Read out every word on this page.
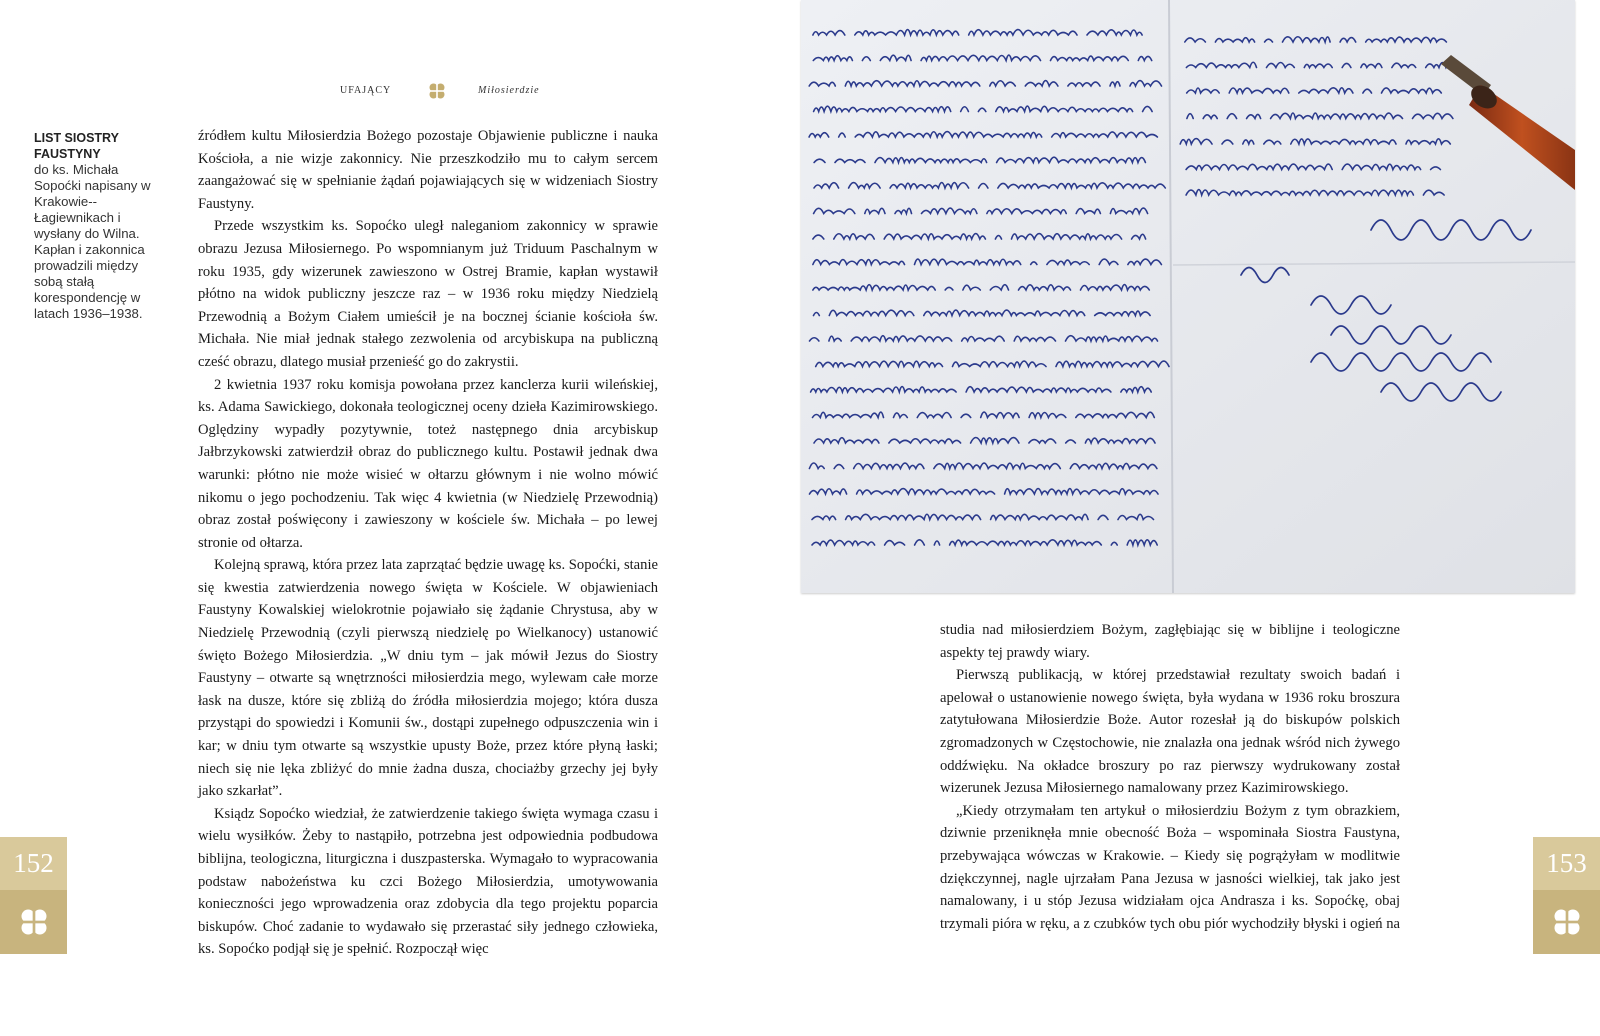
UFAJĄCY	Miłosierdzie
LIST SIOSTRY FAUSTYNY
do ks. Michała Sopoćki napisany w Krakowie--Łagiewnikach i wysłany do Wilna. Kapłan i zakonnica prowadzili między sobą stałą korespondencję w latach 1936–1938.

źródłem kultu Miłosierdzia Bożego pozostaje Objawienie publiczne i nauka Kościoła, a nie wizje zakonnicy. Nie przeszkodziło mu to całym sercem zaangażować się w spełnianie żądań pojawiających się w widzeniach Siostry Faustyny.

Przede wszystkim ks. Sopoćko uległ naleganiom zakonnicy w sprawie obrazu Jezusa Miłosiernego. Po wspomnianym już Triduum Paschalnym w roku 1935, gdy wizerunek zawieszono w Ostrej Bramie, kapłan wystawił płótno na widok publiczny jeszcze raz – w 1936 roku między Niedzielą Przewodnią a Bożym Ciałem umieścił je na bocznej ścianie kościoła św. Michała. Nie miał jednak stałego zezwolenia od arcybiskupa na publiczną cześć obrazu, dlatego musiał przenieść go do zakrystii.

2 kwietnia 1937 roku komisja powołana przez kanclerza kurii wileńskiej, ks. Adama Sawickiego, dokonała teologicznej oceny dzieła Kazimirowskiego. Oględziny wypadły pozytywnie, toteż następnego dnia arcybiskup Jałbrzykowski zatwierdził obraz do publicznego kultu. Postawił jednak dwa warunki: płótno nie może wisieć w ołtarzu głównym i nie wolno mówić nikomu o jego pochodzeniu. Tak więc 4 kwietnia (w Niedzielę Przewodnią) obraz został poświęcony i zawieszony w kościele św. Michała – po lewej stronie od ołtarza.

Kolejną sprawą, która przez lata zaprzątać będzie uwagę ks. Sopoćki, stanie się kwestia zatwierdzenia nowego święta w Kościele. W objawieniach Faustyny Kowalskiej wielokrotnie pojawiało się żądanie Chrystusa, aby w Niedzielę Przewodnią (czyli pierwszą niedzielę po Wielkanocy) ustanowić święto Bożego Miłosierdzia. „W dniu tym – jak mówił Jezus do Siostry Faustyny – otwarte są wnętrzności miłosierdzia mego, wylewam całe morze łask na dusze, które się zbliżą do źródła miłosierdzia mojego; która dusza przystąpi do spowiedzi i Komunii św., dostąpi zupełnego odpuszczenia win i kar; w dniu tym otwarte są wszystkie upusty Boże, przez które płyną łaski; niech się nie lęka zbliżyć do mnie żadna dusza, chociażby grzechy jej były jako szkarłat”.

Ksiądz Sopoćko wiedział, że zatwierdzenie takiego święta wymaga czasu i wielu wysiłków. Żeby to nastąpiło, potrzebna jest odpowiednia podbudowa biblijna, teologiczna, liturgiczna i duszpasterska. Wymagało to wypracowania podstaw nabożeństwa ku czci Bożego Miłosierdzia, umotywowania konieczności jego wprowadzenia oraz zdobycia dla tego projektu poparcia biskupów. Choć zadanie to wydawało się przerastać siły jednego człowieka, ks. Sopoćko podjął się je spełnić. Rozpoczął więc

152	153

studia nad miłosierdziem Bożym, zagłębiając się w biblijne i teologiczne aspekty tej prawdy wiary.

Pierwszą publikacją, w której przedstawiał rezultaty swoich badań i apelował o ustanowienie nowego święta, była wydana w 1936 roku broszura zatytułowana Miłosierdzie Boże. Autor rozesłał ją do biskupów polskich zgromadzonych w Częstochowie, nie znalazła ona jednak wśród nich żywego oddźwięku. Na okładce broszury po raz pierwszy wydrukowany został wizerunek Jezusa Miłosiernego namalowany przez Kazimirowskiego.

„Kiedy otrzymałam ten artykuł o miłosierdziu Bożym z tym obrazkiem, dziwnie przeniknęła mnie obecność Boża – wspominała Siostra Faustyna, przebywająca wówczas w Krakowie. – Kiedy się pogrążyłam w modlitwie dziękczynnej, nagle ujrzałam Pana Jezusa w jasności wielkiej, tak jako jest namalowany, i u stóp Jezusa widziałam ojca Andrasza i ks. Sopoćkę, obaj trzymali pióra w ręku, a z czubków tych obu piór wychodziły błyski i ogień na
